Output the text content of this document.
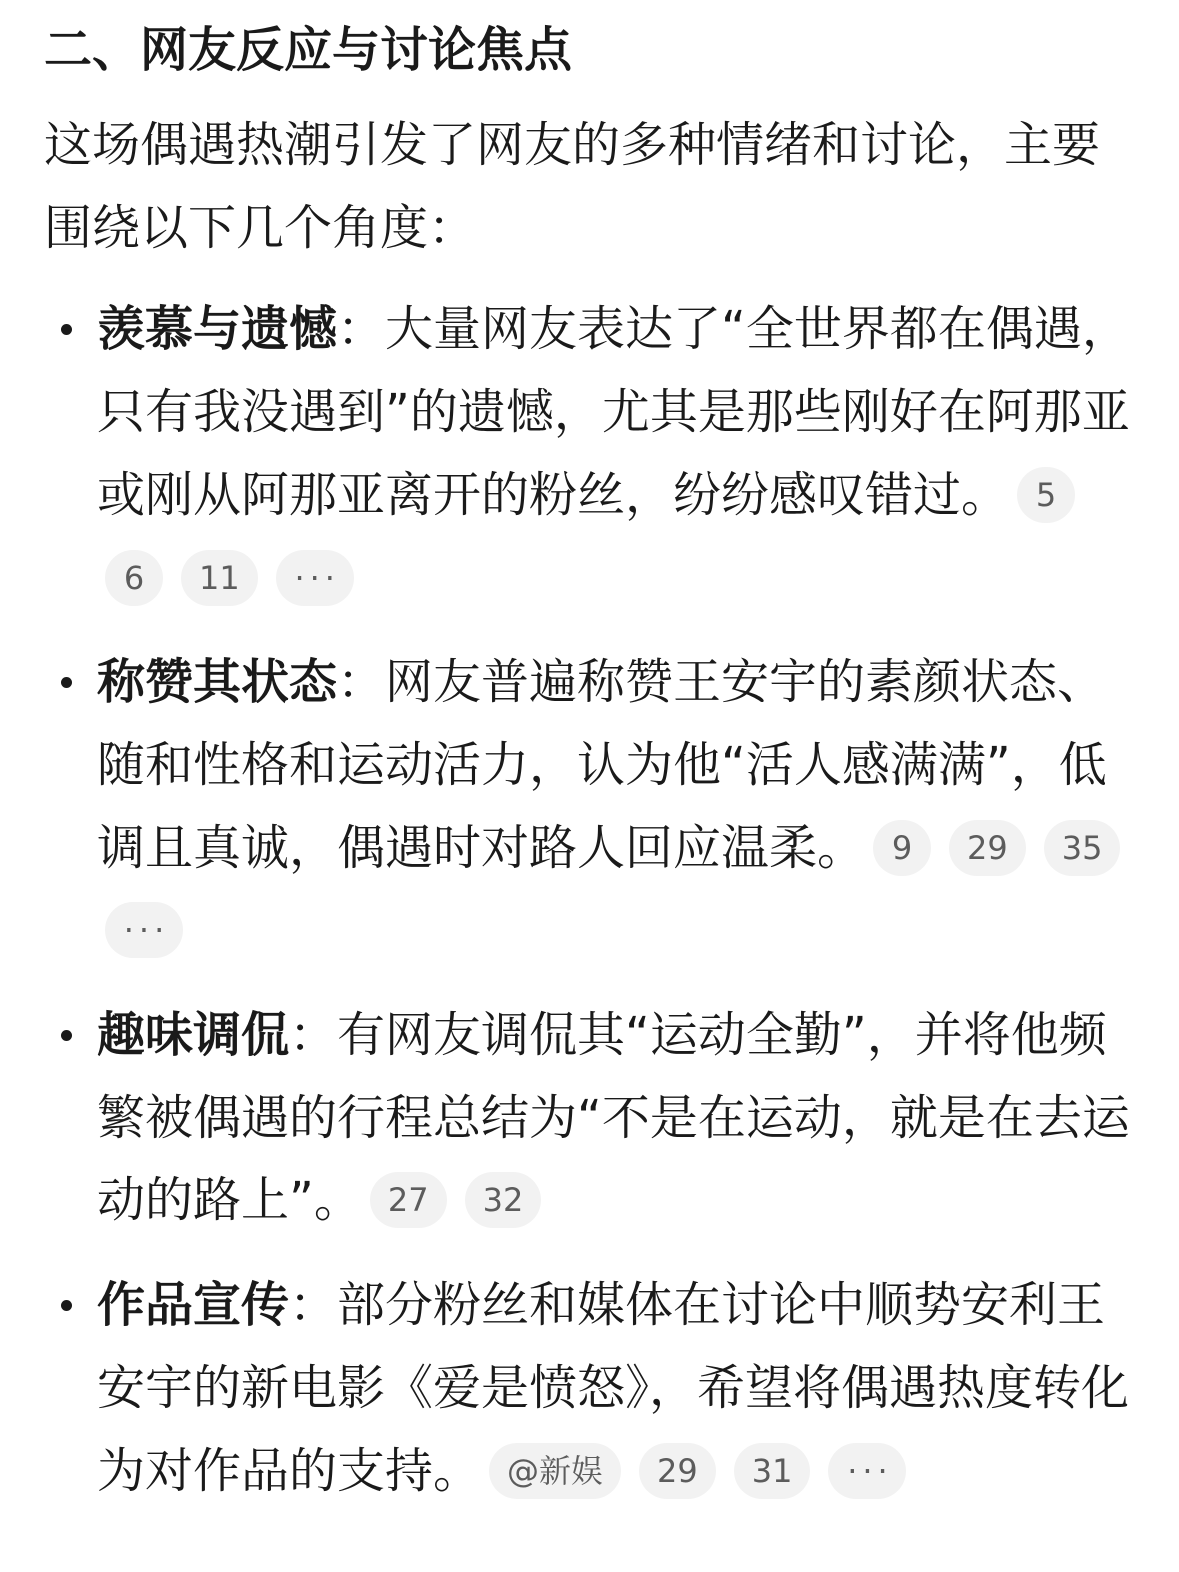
二、网友反应与讨论焦点

这场偶遇热潮引发了网友的多种情绪和讨论，主要围绕以下几个角度：

羡慕与遗憾：大量网友表达了“全世界都在偶遇，只有我没遇到”的遗憾，尤其是那些刚好在阿那亚或刚从阿那亚离开的粉丝，纷纷感叹错过。 56 11 ···
称赞其状态：网友普遍称赞王安宇的素颜状态、随和性格和运动活力，认为他“活人感满满”，低调且真诚，偶遇时对路人回应温柔。 9 29 35···
趣味调侃：有网友调侃其“运动全勤”，并将他频繁被偶遇的行程总结为“不是在运动，就是在去运动的路上”。 27 32
作品宣传：部分粉丝和媒体在讨论中顺势安利王安宇的新电影《爱是愤怒》，希望将偶遇热度转化为对作品的支持。 @新娱 29 31 ···
